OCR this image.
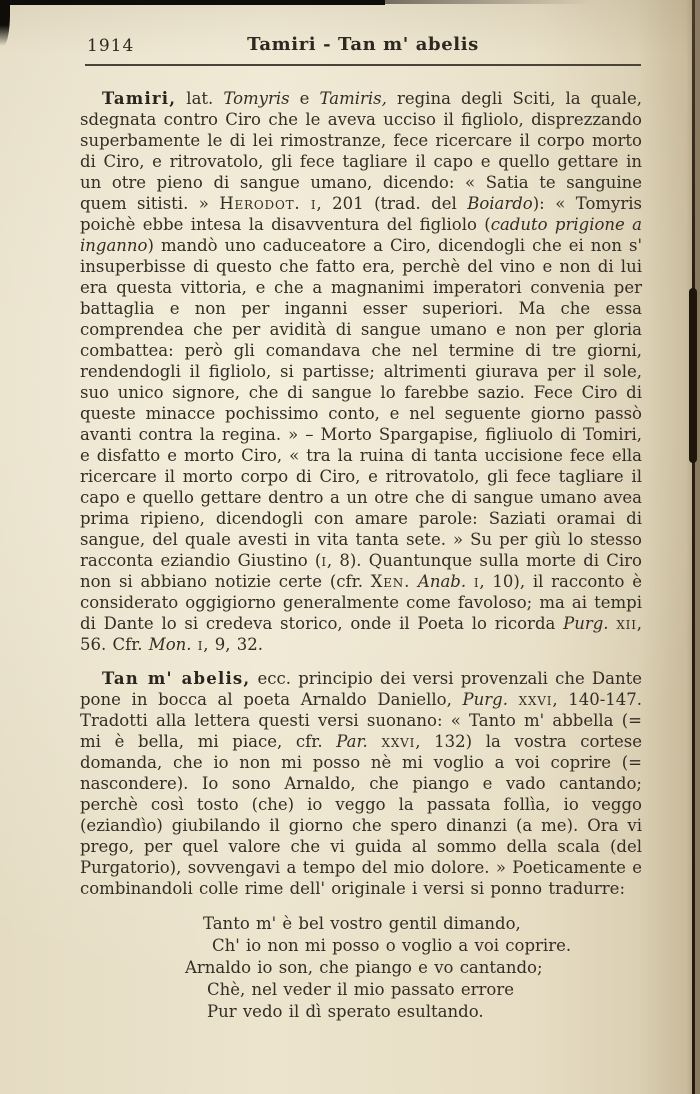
1914	Tamiri - Tan m' abelis

Tamiri, lat. Tomyris e Tamiris, regina degli Sciti, la quale, sdegnata contro Ciro che le aveva ucciso il figliolo, disprezzando superbamente le di lei rimostranze, fece ricercare il corpo morto di Ciro, e ritrovatolo, gli fece tagliare il capo e quello gettare in un otre pieno di sangue umano, dicendo: « Satia te sanguine quem sitisti. » Herodot. i, 201 (trad. del Boiardo): « Tomyris poichè ebbe intesa la disavventura del figliolo (caduto prigione a inganno) mandò uno caduceatore a Ciro, dicendogli che ei non s' insuperbisse di questo che fatto era, perchè del vino e non di lui era questa vittoria, e che a magnanimi imperatori convenia per battaglia e non per inganni esser superiori. Ma che essa comprendea che per avidità di sangue umano e non per gloria combattea: però gli comandava che nel termine di tre giorni, rendendogli il figliolo, si partisse; altrimenti giurava per il sole, suo unico signore, che di sangue lo farebbe sazio. Fece Ciro di queste minacce pochissimo conto, e nel seguente giorno passò avanti contra la regina. » – Morto Spargapise, figliuolo di Tomiri, e disfatto e morto Ciro, « tra la ruina di tanta uccisione fece ella ricercare il morto corpo di Ciro, e ritrovatolo, gli fece tagliare il capo e quello gettare dentro a un otre che di sangue umano avea prima ripieno, dicendogli con amare parole: Saziati oramai di sangue, del quale avesti in vita tanta sete. » Su per giù lo stesso racconta eziandio Giustino (i, 8). Quantunque sulla morte di Ciro non si abbiano notizie certe (cfr. Xen. Anab. i, 10), il racconto è considerato oggigiorno generalmente come favoloso; ma ai tempi di Dante lo si credeva storico, onde il Poeta lo ricorda Purg. xii, 56. Cfr. Mon. i, 9, 32.

Tan m' abelis, ecc. principio dei versi provenzali che Dante pone in bocca al poeta Arnaldo Daniello, Purg. xxvi, 140-147. Tradotti alla lettera questi versi suonano: « Tanto m' abbella (= mi è bella, mi piace, cfr. Par. xxvi, 132) la vostra cortese domanda, che io non mi posso nè mi voglio a voi coprire (= nascondere). Io sono Arnaldo, che piango e vado cantando; perchè così tosto (che) io veggo la passata follìa, io veggo (eziandìo) giubilando il giorno che spero dinanzi (a me). Ora vi prego, per quel valore che vi guida al sommo della scala (del Purgatorio), sovvengavi a tempo del mio dolore. » Poeticamente e combinandoli colle rime dell' originale i versi si ponno tradurre:

Tanto m' è bel vostro gentil dimando,
Ch' io non mi posso o voglio a voi coprire.
Arnaldo io son, che piango e vo cantando;
Chè, nel veder il mio passato errore
Pur vedo il dì sperato esultando.
